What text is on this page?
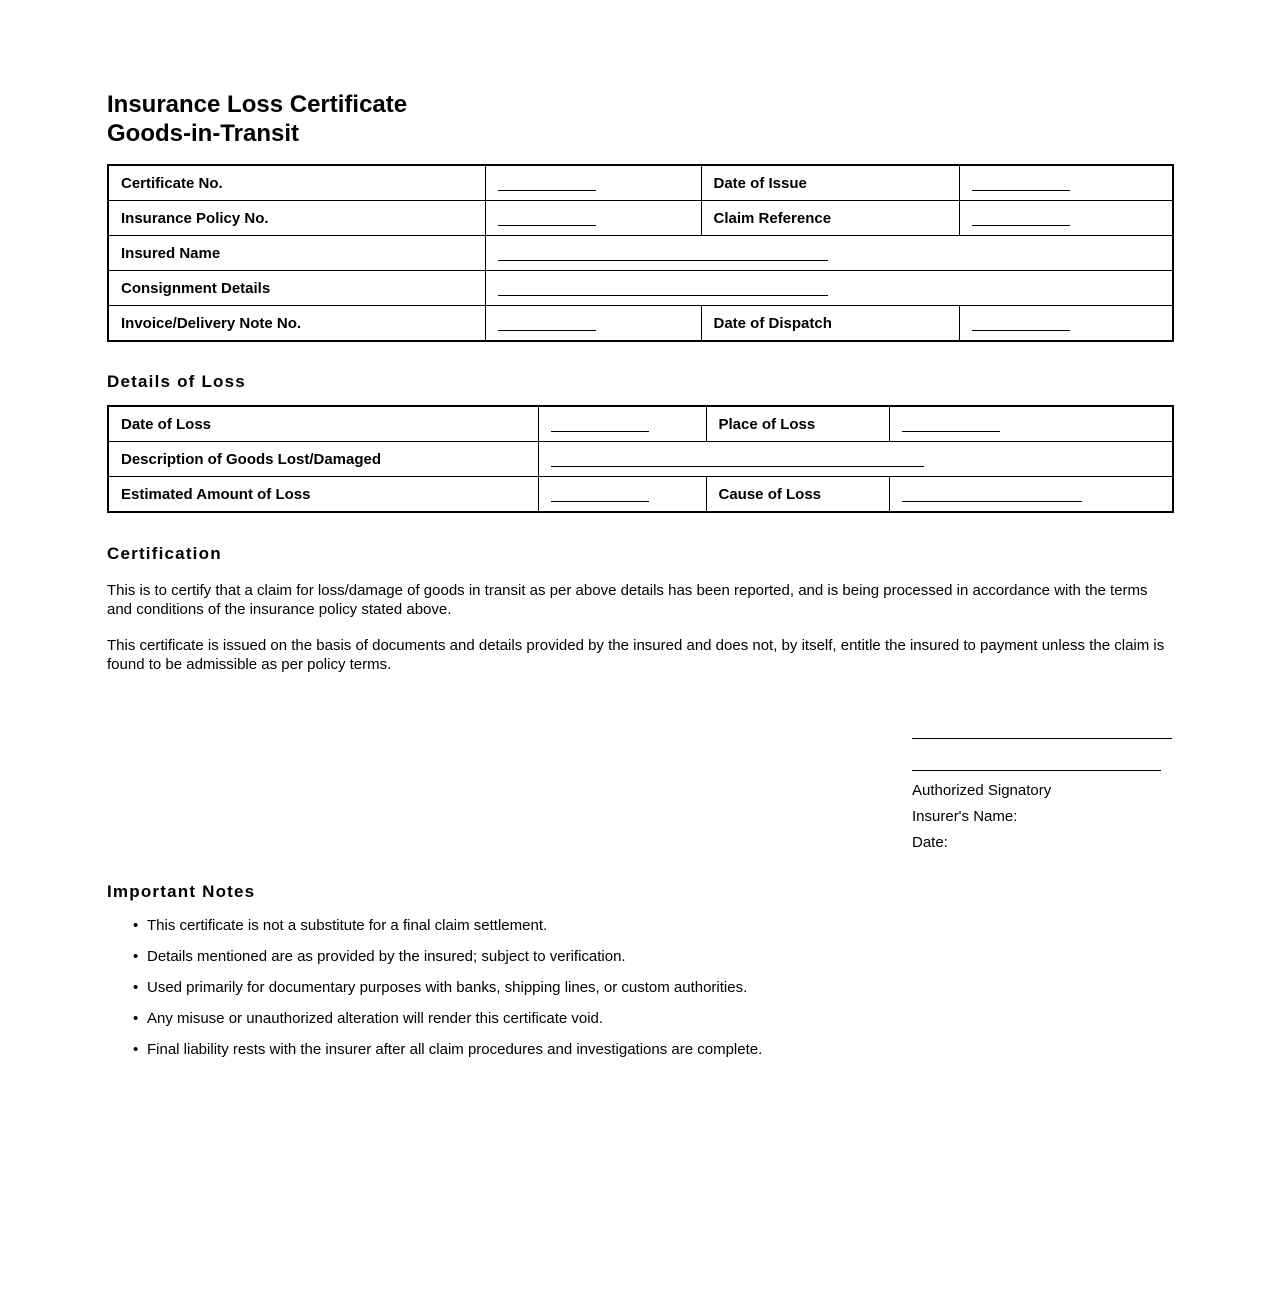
Insurance Loss Certificate
Goods-in-Transit
Certificate No.		Date of Issue	
Insurance Policy No.		Claim Reference	
Insured Name			
Consignment Details			
Invoice/Delivery Note No.		Date of Dispatch	
Details of Loss
Date of Loss		Place of Loss	
Description of Goods Lost/Damaged			
Estimated Amount of Loss		Cause of Loss	
Certification

This is to certify that a claim for loss/damage of goods in transit as per above details has been reported, and is being processed in accordance with the terms and conditions of the insurance policy stated above.

This certificate is issued on the basis of documents and details provided by the insured and does not, by itself, entitle the insured to payment unless the claim is found to be admissible as per policy terms.

Authorized Signatory
Insurer's Name:
Date:
Important Notes
• This certificate is not a substitute for a final claim settlement.
• Details mentioned are as provided by the insured; subject to verification.
• Used primarily for documentary purposes with banks, shipping lines, or custom authorities.
• Any misuse or unauthorized alteration will render this certificate void.
• Final liability rests with the insurer after all claim procedures and investigations are complete.
